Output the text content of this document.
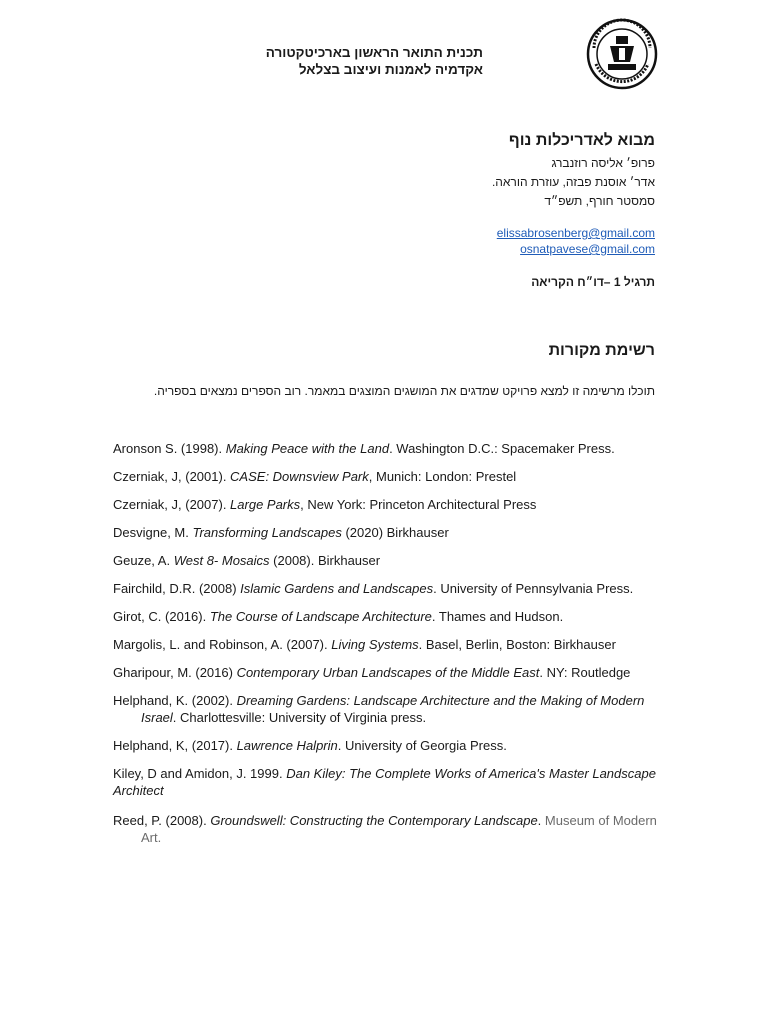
תכנית התואר הראשון בארכיטקטורה
אקדמיה לאמנות ועיצוב בצלאל
מבוא לאדריכלות נוף
פרופ׳ אליסה רוזנברג
אדר׳ אוסנת פבזה, עוזרת הוראה.
סמסטר חורף, תשפ״ד
elissabrosenberg@gmail.com
osnatpavese@gmail.com
תרגיל 1 –דו״ח הקריאה
רשימת מקורות
תוכלו מרשימה זו למצא פרויקט שמדגים את המושגים המוצגים במאמר. רוב הספרים נמצאים בספריה.
Aronson S. (1998). Making Peace with the Land. Washington D.C.: Spacemaker Press.
Czerniak, J, (2001). CASE: Downsview Park, Munich: London: Prestel
Czerniak, J, (2007). Large Parks, New York: Princeton Architectural Press
Desvigne, M. Transforming Landscapes (2020) Birkhauser
Geuze, A. West 8- Mosaics (2008). Birkhauser
Fairchild, D.R. (2008) Islamic Gardens and Landscapes. University of Pennsylvania Press.
Girot, C. (2016). The Course of Landscape Architecture. Thames and Hudson.
Margolis, L. and Robinson, A. (2007). Living Systems. Basel, Berlin, Boston: Birkhauser
Gharipour, M. (2016) Contemporary Urban Landscapes of the Middle East. NY: Routledge
Helphand, K. (2002). Dreaming Gardens: Landscape Architecture and the Making of Modern Israel. Charlottesville: University of Virginia press.
Helphand, K, (2017). Lawrence Halprin. University of Georgia Press.
Kiley, D and Amidon, J. 1999. Dan Kiley: The Complete Works of America's Master Landscape Architect
Reed, P. (2008). Groundswell: Constructing the Contemporary Landscape. Museum of Modern Art.
